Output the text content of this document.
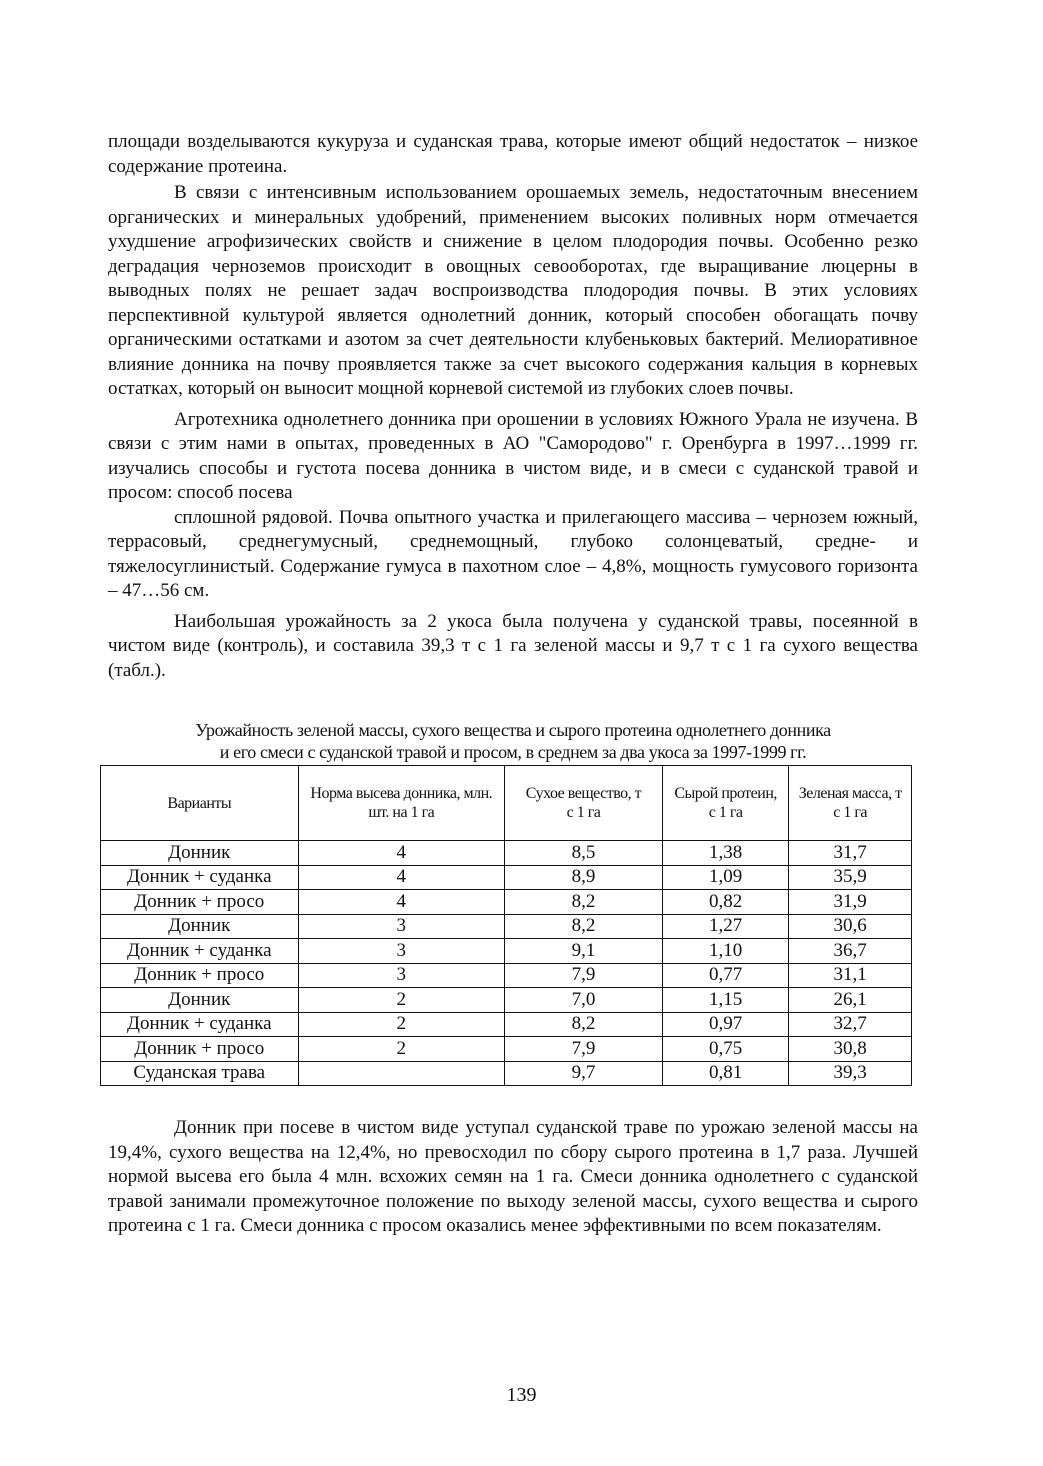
площади возделываются кукуруза и суданская трава, которые имеют общий недостаток – низкое содержание протеина.

В связи с интенсивным использованием орошаемых земель, недостаточным внесением органических и минеральных удобрений, применением высоких поливных норм отмечается ухудшение агрофизических свойств и снижение в целом плодородия почвы. Особенно резко деградация черноземов происходит в овощных севооборотах, где выращивание люцерны в выводных полях не решает задач воспроизводства плодородия почвы. В этих условиях перспективной культурой является однолетний донник, который способен обогащать почву органическими остатками и азотом за счет деятельности клубеньковых бактерий. Мелиоративное влияние донника на почву проявляется также за счет высокого содержания кальция в корневых остатках, который он выносит мощной корневой системой из глубоких слоев почвы.

Агротехника однолетнего донника при орошении в условиях Южного Урала не изучена. В связи с этим нами в опытах, проведенных в АО "Самородово" г. Оренбурга в 1997…1999 гг. изучались способы и густота посева донника в чистом виде, и в смеси с суданской травой и просом: способ посева

сплошной рядовой. Почва опытного участка и прилегающего массива – чернозем южный, террасовый, среднегумусный, среднемощный, глубоко солонцеватый, средне- и тяжелосуглинистый. Содержание гумуса в пахотном слое – 4,8%, мощность гумусового горизонта – 47…56 см.

Наибольшая урожайность за 2 укоса была получена у суданской травы, посеянной в чистом виде (контроль), и составила 39,3 т с 1 га зеленой массы и 9,7 т с 1 га сухого вещества (табл.).

Урожайность зеленой массы, сухого вещества и сырого протеина однолетнего донника
и его смеси с суданской травой и просом, в среднем за два укоса за 1997-1999 гг.
Варианты	Норма высева донника, млн. шт. на 1 га	Сухое вещество, т с 1 га	Сырой протеин, с 1 га	Зеленая масса, т с 1 га
Донник	4	8,5	1,38	31,7
Донник + суданка	4	8,9	1,09	35,9
Донник + просо	4	8,2	0,82	31,9
Донник	3	8,2	1,27	30,6
Донник + суданка	3	9,1	1,10	36,7
Донник + просо	3	7,9	0,77	31,1
Донник	2	7,0	1,15	26,1
Донник + суданка	2	8,2	0,97	32,7
Донник + просо	2	7,9	0,75	30,8
Суданская трава		9,7	0,81	39,3

Донник при посеве в чистом виде уступал суданской траве по урожаю зеленой массы на 19,4%, сухого вещества на 12,4%, но превосходил по сбору сырого протеина в 1,7 раза. Лучшей нормой высева его была 4 млн. всхожих семян на 1 га. Смеси донника однолетнего с суданской травой занимали промежуточное положение по выходу зеленой массы, сухого вещества и сырого протеина с 1 га. Смеси донника с просом оказались менее эффективными по всем показателям.

139
